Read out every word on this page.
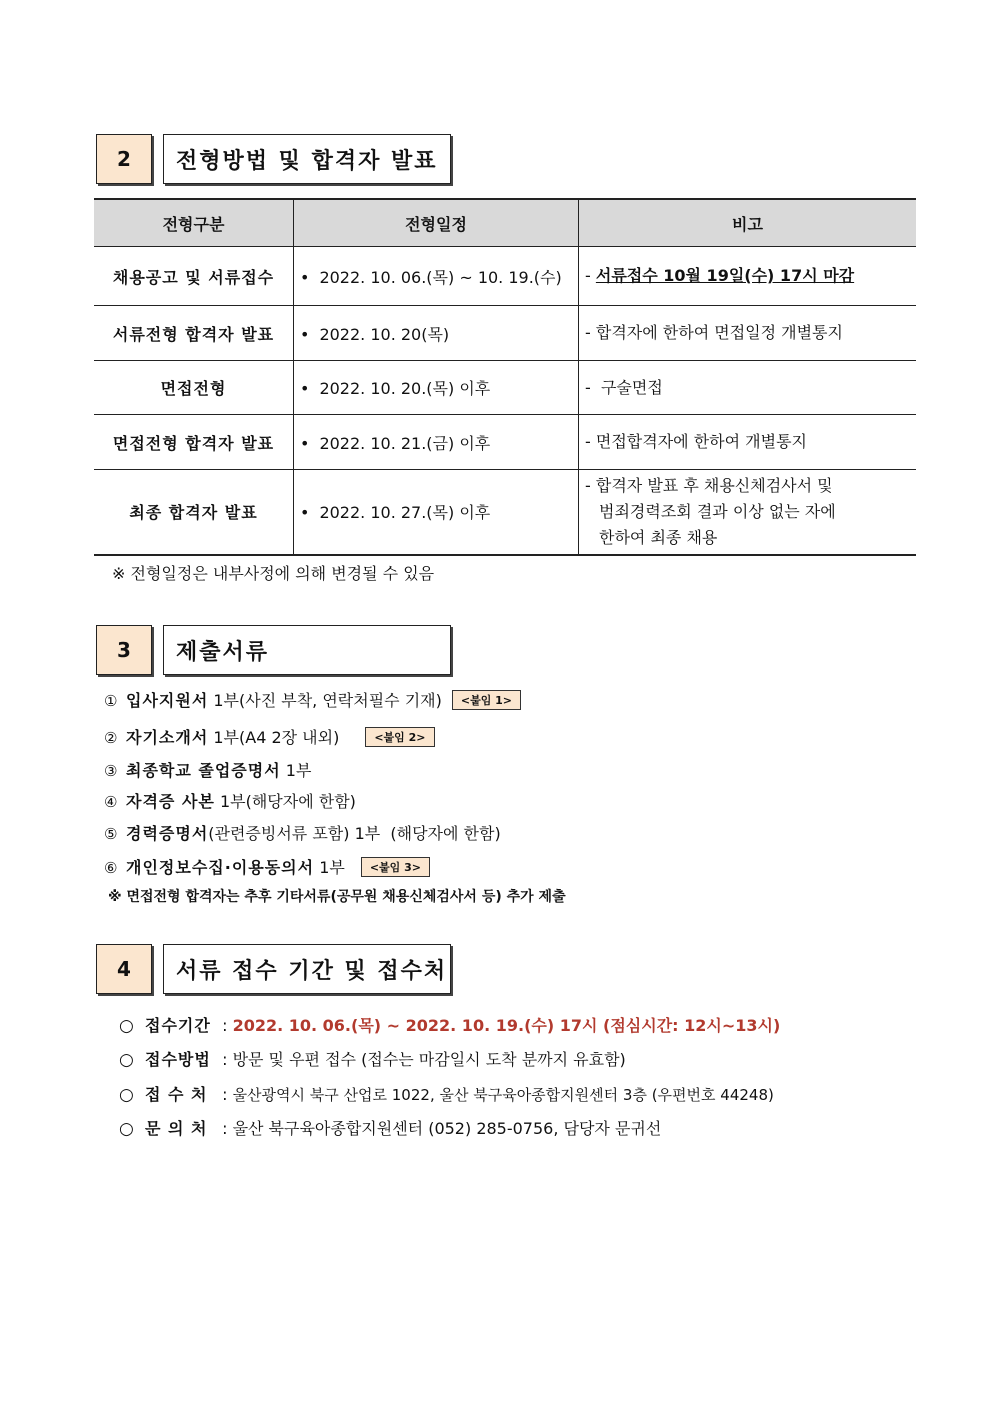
2	전형방법 및 합격자 발표
전형구분	전형일정	비고
채용공고 및 서류접수	• 2022. 10. 06.(목) ~ 10. 19.(수)	- 서류접수 10월 19일(수) 17시 마감
서류전형 합격자 발표	• 2022. 10. 20(목)	- 합격자에 한하여 면접일정 개별통지
면접전형	• 2022. 10. 20.(목) 이후	- 구술면접
면접전형 합격자 발표	• 2022. 10. 21.(금) 이후	- 면접합격자에 한하여 개별통지
최종 합격자 발표	• 2022. 10. 27.(목) 이후	- 합격자 발표 후 채용신체검사서 및
범죄경력조회 결과 이상 없는 자에
한하여 최종 채용
※ 전형일정은 내부사정에 의해 변경될 수 있음
3	제출서류
① 입사지원서 1부(사진 부착, 연락처필수 기재) <붙임 1>
② 자기소개서 1부(A4 2장 내외)	<붙임 2>
③ 최종학교 졸업증명서 1부
④ 자격증 사본 1부(해당자에 한함)
⑤ 경력증명서(관련증빙서류 포함) 1부  (해당자에 한함)
⑥ 개인정보수집·이용동의서 1부 <붙임 3>
※ 면접전형 합격자는 추후 기타서류(공무원 채용신체검사서 등) 추가 제출
4	서류 접수 기간 및 접수처
○ 접수기간 : 2022. 10. 06.(목) ~ 2022. 10. 19.(수) 17시 (점심시간: 12시~13시)
○ 접수방법 : 방문 및 우편 접수 (접수는 마감일시 도착 분까지 유효함)
○ 접 수 처 : 울산광역시 북구 산업로 1022, 울산 북구육아종합지원센터 3층 (우편번호 44248)
○ 문 의 처 : 울산 북구육아종합지원센터 (052) 285-0756, 담당자 문귀선
